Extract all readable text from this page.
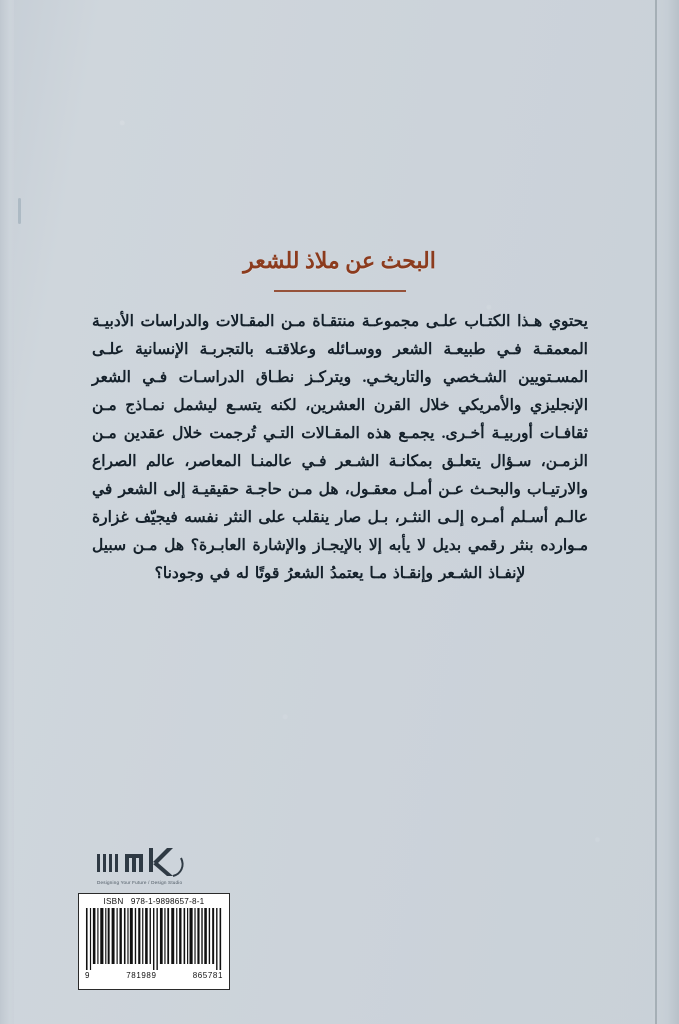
البحث عن ملاذ للشعر

يحتوي هـذا الكتـاب علـى مجموعـة منتقـاة مـن المقـالات والدراسات الأدبيـة المعمقـة فـي طبيعـة الشعر ووسـائله وعلاقتـه بالتجربـة الإنسانية علـى المسـتويين الشـخصي والتاريخـي. ويتركـز نطـاق الدراسـات فـي الشعر الإنجليزي والأمريكي خلال القرن العشرين، لكنه يتسـع ليشمل نمـاذج مـن ثقافـات أوربيـة أخـرى. يجمـع هذه المقـالات التـي تُرجمت خلال عقدين مـن الزمـن، سـؤال يتعلـق بمكانـة الشـعر فـي عالمنـا المعاصر، عالم الصراع والارتيـاب والبحـث عـن أمـل معقـول، هل مـن حاجـة حقيقيـة إلى الشعر في عالـم أسـلم أمـره إلـى النثـر، بـل صار ينقلب على النثر نفسه فيجيّف غزارة مـوارده بنثر رقمي بديل لا يأبه إلا بالإيجـاز والإشارة العابـرة؟ هل مـن سبيل لإنفـاذ الشـعر وإنقـاذ مـا يعتمدُ الشعرُ قوتًا له في وجودنا؟

Designing Your Future / Design Studio
ISBN 978-1-9898657-8-1
9	781989	865781
